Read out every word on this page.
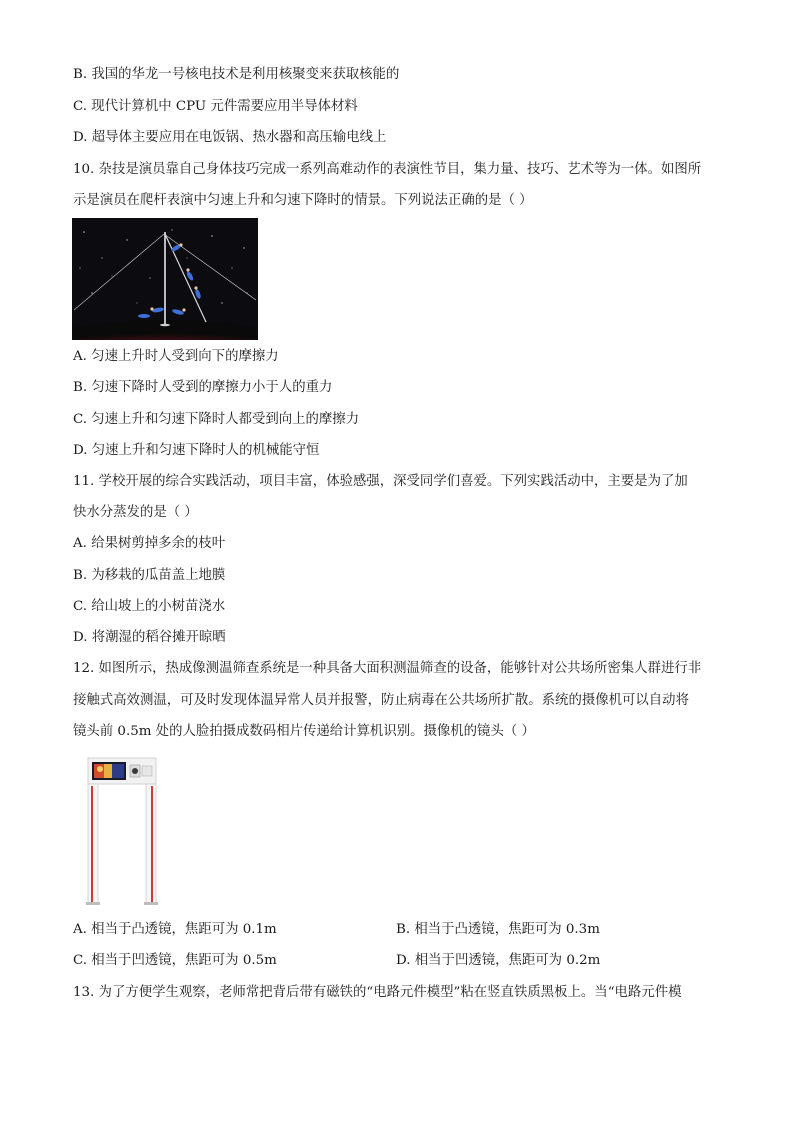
B. 我国的华龙一号核电技术是利用核聚变来获取核能的
C. 现代计算机中 CPU 元件需要应用半导体材料
D. 超导体主要应用在电饭锅、热水器和高压输电线上
10. 杂技是演员靠自己身体技巧完成一系列高难动作的表演性节目，集力量、技巧、艺术等为一体。如图所
示是演员在爬杆表演中匀速上升和匀速下降时的情景。下列说法正确的是（ ）
A. 匀速上升时人受到向下的摩擦力
B. 匀速下降时人受到的摩擦力小于人的重力
C. 匀速上升和匀速下降时人都受到向上的摩擦力
D. 匀速上升和匀速下降时人的机械能守恒
11. 学校开展的综合实践活动，项目丰富，体验感强，深受同学们喜爱。下列实践活动中，主要是为了加
快水分蒸发的是（ ）
A. 给果树剪掉多余的枝叶
B. 为移栽的瓜苗盖上地膜
C. 给山坡上的小树苗浇水
D. 将潮湿的稻谷摊开晾晒
12. 如图所示，热成像测温筛查系统是一种具备大面积测温筛查的设备，能够针对公共场所密集人群进行非
接触式高效测温，可及时发现体温异常人员并报警，防止病毒在公共场所扩散。系统的摄像机可以自动将
镜头前 0.5m 处的人脸拍摄成数码相片传递给计算机识别。摄像机的镜头（ ）
A. 相当于凸透镜，焦距可为 0.1m	B. 相当于凸透镜，焦距可为 0.3m
C. 相当于凹透镜，焦距可为 0.5m	D. 相当于凹透镜，焦距可为 0.2m
13. 为了方便学生观察，老师常把背后带有磁铁的“电路元件模型”粘在竖直铁质黑板上。当“电路元件模
